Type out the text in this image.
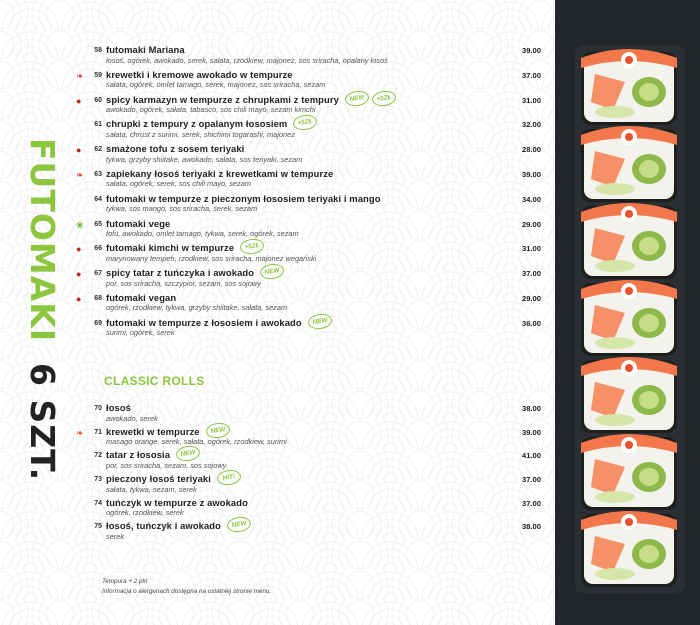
FUTOMAKI 6 SZT.
58 futomaki Mariana
łosoś, ogórek, awokado, serek, sałata, rzodkiew, majonez, sos sriracha, opalany łosoś
39.00
❧	59 krewetki i kremowe awokado w tempurze
sałata, ogórek, omlet tamago, serek, majonez, sos sriracha, sezam
37.00
●	60 spicy karmazyn w tempurze z chrupkami z tempury
awokado, ogórek, sałata, tabasco, sos chili mayo, sezam kimchi
31.00
NEW	+5ZŁ
61 chrupki z tempury z opalanym łososiem
sałata, chrust z surimi, serek, shichimi togarashi, majonez
32.00
+5ZŁ
●	62 smażone tofu z sosem teriyaki
tykwa, grzyby shiitake, awokado, sałata, sos teriyaki, sezam
28.00
❧	63 zapiekany łosoś teriyaki z krewetkami w tempurze
sałata, ogórek, serek, sos chili mayo, sezam
39.00
64 futomaki w tempurze z pieczonym łososiem teriyaki i mango
tykwa, sos mango, sos sriracha, serek, sezam
34.00
❀	65 futomaki vege
tofu, awokado, omlet tamago, tykwa, serek, ogórek, sezam
29.00
●	66 futomaki kimchi w tempurze
marynowany tempeh, rzodkiew, sos sriracha, majonez wegański
31.00
+5ZŁ
●	67 spicy tatar z tuńczyka i awokado
por, sos sriracha, szczypior, sezam, sos sojowy
37.00
NEW
●	68 futomaki vegan
ogórek, rzodkiew, tykwa, grzyby shiitake, sałata, sezam
29.00
69 futomaki w tempurze z łososiem i awokado
surimi, ogórek, serek
36.00
NEW
CLASSIC ROLLS
70 łosoś
awokado, serek
38.00
❧	71 krewetki w tempurze
masago orange, serek, sałata, ogórek, rzodkiew, surimi
39.00
NEW
72 tatar z łososia
por, sos sriracha, sezam, sos sojowy
41.00
NEW
73 pieczony łosoś teriyaki
sałata, tykwa, sezam, serek
37.00
HIT!
74 tuńczyk w tempurze z awokado
ogórek, rzodkiew, serek
37.00
75 łosoś, tuńczyk i awokado
serek
38.00
NEW
Tempura + 2 pln
Informacja o alergenach dostępna na ostatniej stronie menu.
